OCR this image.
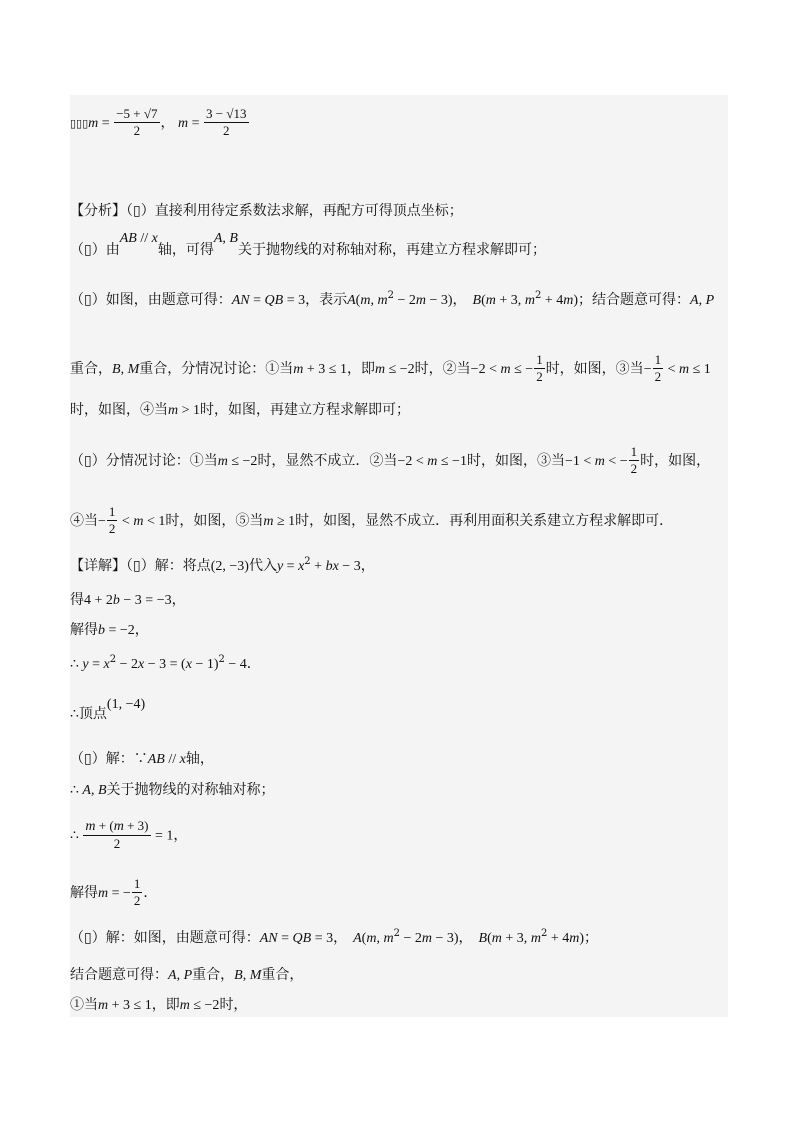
▯▯▯m = $\frac{-5 + √7}{2}$ ， $m = \frac{3 - √13}{2}$
【分析】（▯）直接利用待定系数法求解，再配方可得顶点坐标；
（▯）由AB // x轴，可得A, B关于抛物线的对称轴对称，再建立方程求解即可；
（▯）如图，由题意可得：AN = QB = 3，表示A(m, $m^2 - 2m - 3$)， B(m + 3, $m^2 + 4m$)；结合题意可得：A, P
重合，B, M重合，分情况讨论：①当m + 3 ≤ 1，即m ≤ −2时，②当−2 < m ≤ − $\frac{1}{2}$ 时，如图，③当− $\frac{1}{2} < m \le 1$
时，如图，④当m > 1时，如图，再建立方程求解即可；
（▯）分情况讨论：①当m ≤ −2时，显然不成立．②当−2 < m ≤ −1时，如图，③当−1 < m < − $\frac{1}{2}$ 时，如图，
④当− $\frac{1}{2} < m < 1$时，如图，⑤当m ≥ 1时，如图，显然不成立．再利用面积关系建立方程求解即可．
【详解】（▯）解：将点(2, −3)代入$y = x^2$ + bx − 3，
得4 + 2b − 3 = −3，
解得b = −2，
∴ $y = x^2 - 2x - 3 = (x - 1)^2 - 4$．
∴顶点(1, −4)
（▯）解：∵AB // x轴，
∴ A, B关于抛物线的对称轴对称；
∴ $\frac{m + (m + 3)}{2} = 1$，
解得m = − $\frac{1}{2}$ ．
（▯）解：如图，由题意可得：AN = QB = 3， A(m, $m^2 - 2m - 3$)， B(m + 3, $m^2 + 4m$)；
结合题意可得：A, P重合，B, M重合，
①当m + 3 ≤ 1，即m ≤ −2时，
